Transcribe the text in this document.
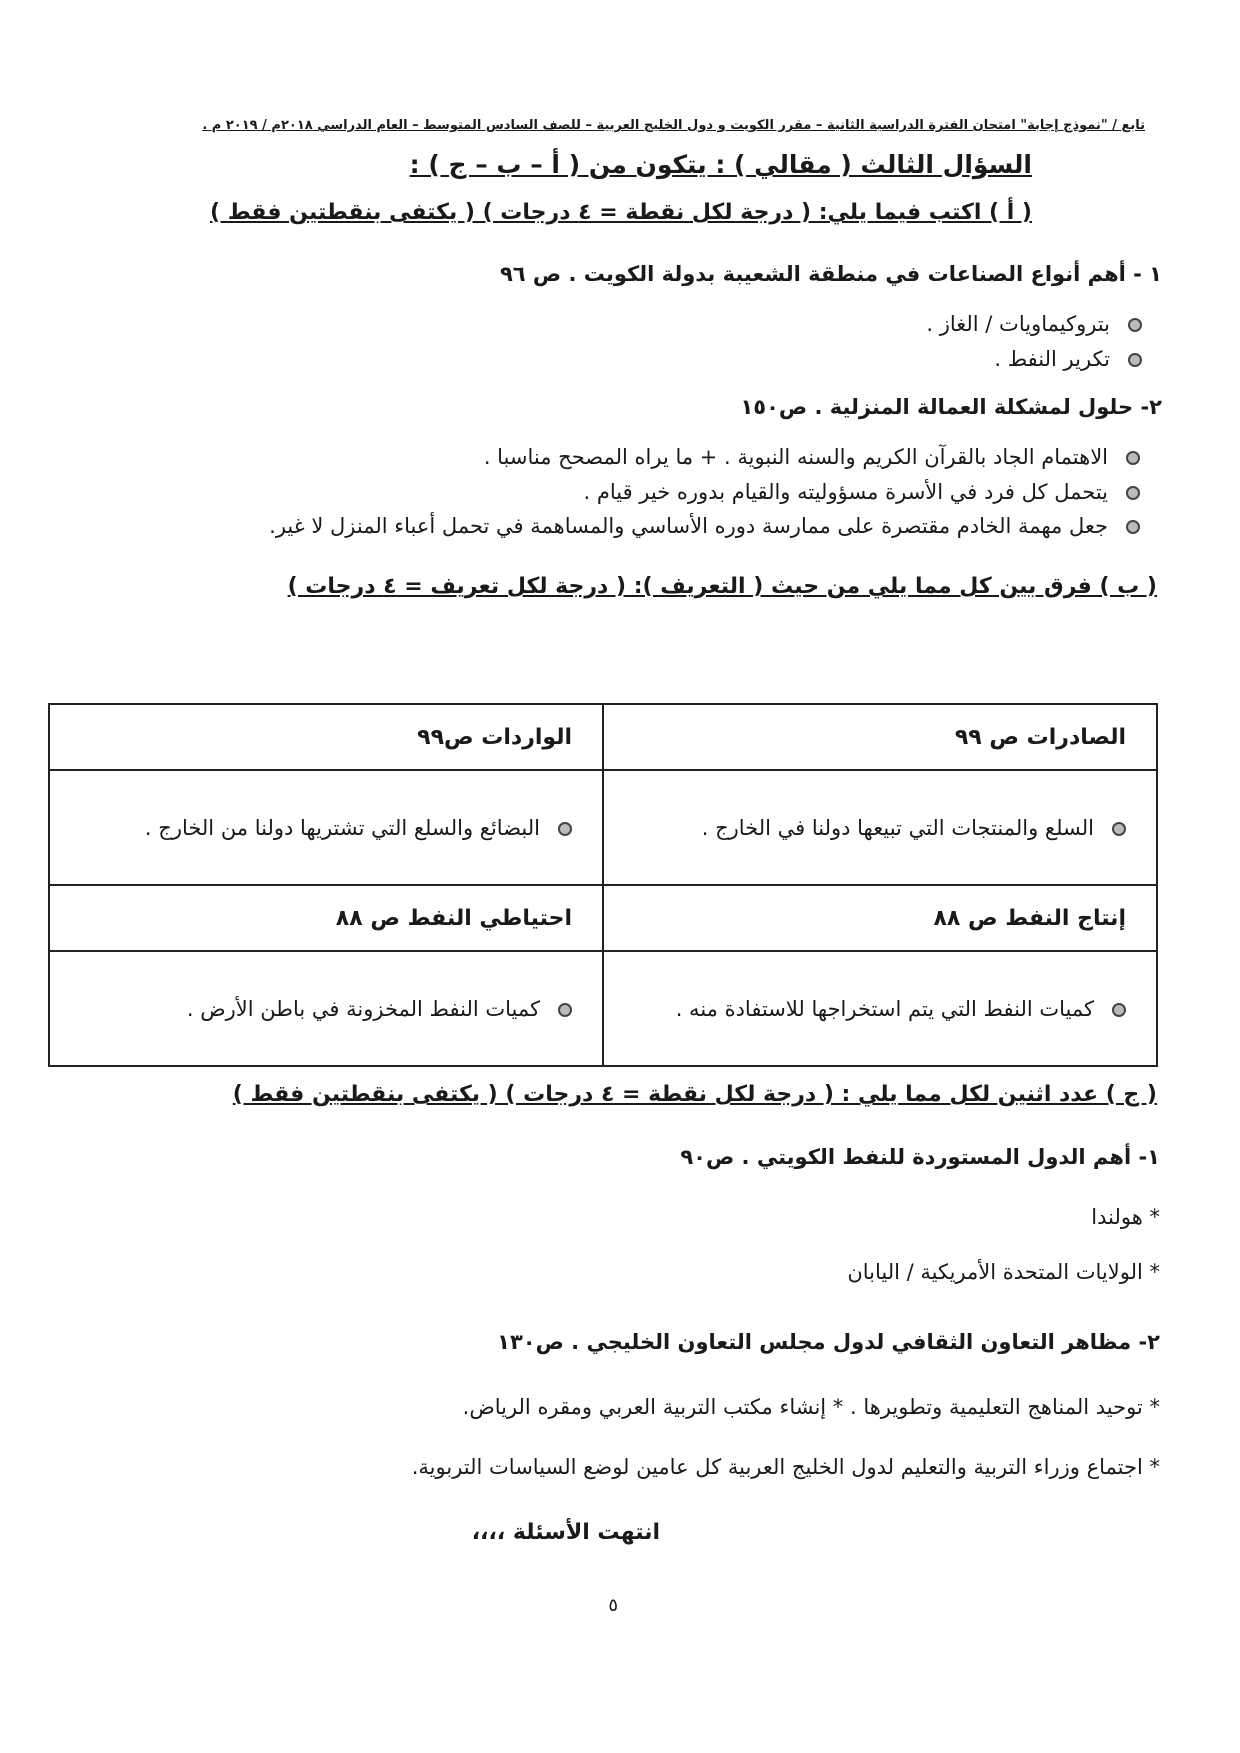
تابع / "نموذج إجابة" امتحان الفترة الدراسية الثانية – مقرر الكويت و دول الخليج العربية – للصف السادس المتوسط – العام الدراسي ٢٠١٨م / ٢٠١٩ م .
السؤال الثالث ( مقالي ) : يتكون من ( أ – ب – ج ) :
( أ ) اكتب فيما يلي: ( درجة لكل نقطة = ٤ درجات ) ( يكتفى بنقطتين فقط )
١ - أهم أنواع الصناعات في منطقة الشعيبة بدولة الكويت . ص ٩٦
بتروكيماويات / الغاز .
تكرير النفط .
٢- حلول لمشكلة العمالة المنزلية . ص١٥٠
الاهتمام الجاد بالقرآن الكريم والسنه النبوية . + ما يراه المصحح مناسبا .
يتحمل كل فرد في الأسرة مسؤوليته والقيام بدوره خير قيام .
جعل مهمة الخادم مقتصرة على ممارسة دوره الأساسي والمساهمة في تحمل أعباء المنزل لا غير.
( ب ) فرق بين كل مما يلي من حيث ( التعريف ): ( درجة لكل تعريف = ٤ درجات )
الصادرات ص ٩٩	الواردات ص٩٩
السلع والمنتجات التي تبيعها دولنا في الخارج .	البضائع والسلع التي تشتريها دولنا من الخارج .
إنتاج النفط ص ٨٨	احتياطي النفط ص ٨٨
كميات النفط التي يتم استخراجها للاستفادة منه .	كميات النفط المخزونة في باطن الأرض .
( ج ) عدد اثنين لكل مما يلي : ( درجة لكل نقطة = ٤ درجات ) ( يكتفى بنقطتين فقط )
١- أهم الدول المستوردة للنفط الكويتي . ص٩٠
* هولندا
* الولايات المتحدة الأمريكية / اليابان
٢- مظاهر التعاون الثقافي لدول مجلس التعاون الخليجي . ص١٣٠
* توحيد المناهج التعليمية وتطويرها . * إنشاء مكتب التربية العربي ومقره الرياض.
* اجتماع وزراء التربية والتعليم لدول الخليج العربية كل عامين لوضع السياسات التربوية.
انتهت الأسئلة ،،،،
٥
